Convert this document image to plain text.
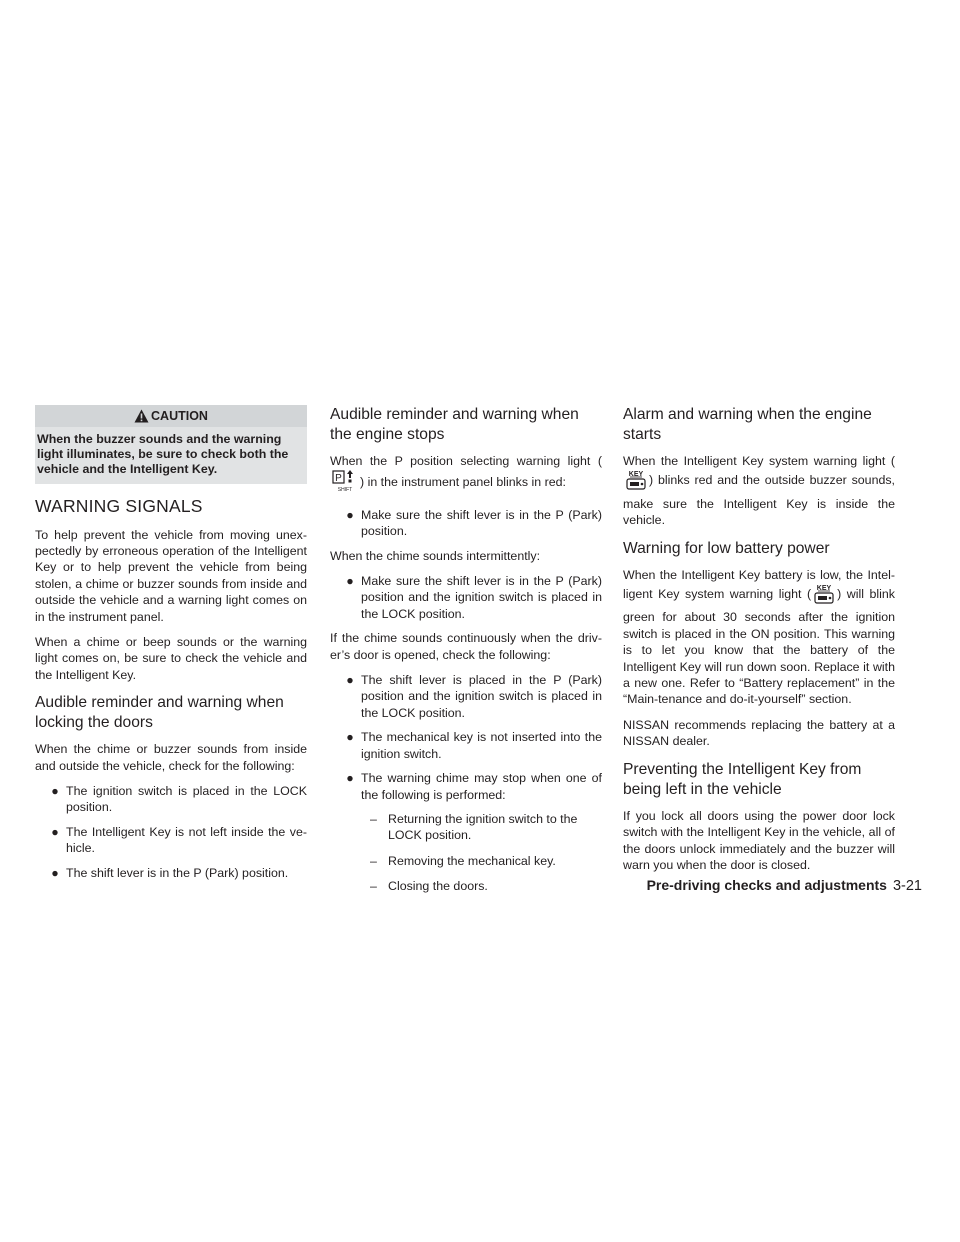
CAUTION
When the buzzer sounds and the warning light illuminates, be sure to check both the vehicle and the Intelligent Key.
WARNING SIGNALS

To help prevent the vehicle from moving unex-pectedly by erroneous operation of the Intelligent Key or to help prevent the vehicle from being stolen, a chime or buzzer sounds from inside and outside the vehicle and a warning light comes on in the instrument panel.

When a chime or beep sounds or the warning light comes on, be sure to check the vehicle and the Intelligent Key.

Audible reminder and warning when locking the doors

When the chime or buzzer sounds from inside and outside the vehicle, check for the following:

● The ignition switch is placed in the LOCK position.
● The Intelligent Key is not left inside the ve-hicle.
● The shift lever is in the P (Park) position.
Audible reminder and warning when the engine stops

When the P position selecting warning light (
P
SHIFT
) in the instrument panel blinks in red:

● Make sure the shift lever is in the P (Park) position.

When the chime sounds intermittently:

● Make sure the shift lever is in the P (Park) position and the ignition switch is placed in the LOCK position.

If the chime sounds continuously when the driv-er’s door is opened, check the following:

● The shift lever is placed in the P (Park) position and the ignition switch is placed in the LOCK position.
● The mechanical key is not inserted into the ignition switch.
● The warning chime may stop when one of the following is performed:
– Returning the ignition switch to the LOCK position.
– Removing the mechanical key.
– Closing the doors.
Alarm and warning when the engine starts

When the Intelligent Key system warning light (
KEY ) blinks red and the outside buzzer sounds, make sure the Intelligent Key is inside the vehicle.

Warning for low battery power

When the Intelligent Key battery is low, the Intel-ligent Key system warning light ( KEY ) will blink green for about 30 seconds after the ignition switch is placed in the ON position. This warning is to let you know that the battery of the Intelligent Key will run down soon. Replace it with a new one. Refer to “Battery replacement” in the “Main-tenance and do-it-yourself” section.

NISSAN recommends replacing the battery at a NISSAN dealer.

Preventing the Intelligent Key from being left in the vehicle

If you lock all doors using the power door lock switch with the Intelligent Key in the vehicle, all of the doors unlock immediately and the buzzer will warn you when the door is closed.

Pre-driving checks and adjustments 3-21
